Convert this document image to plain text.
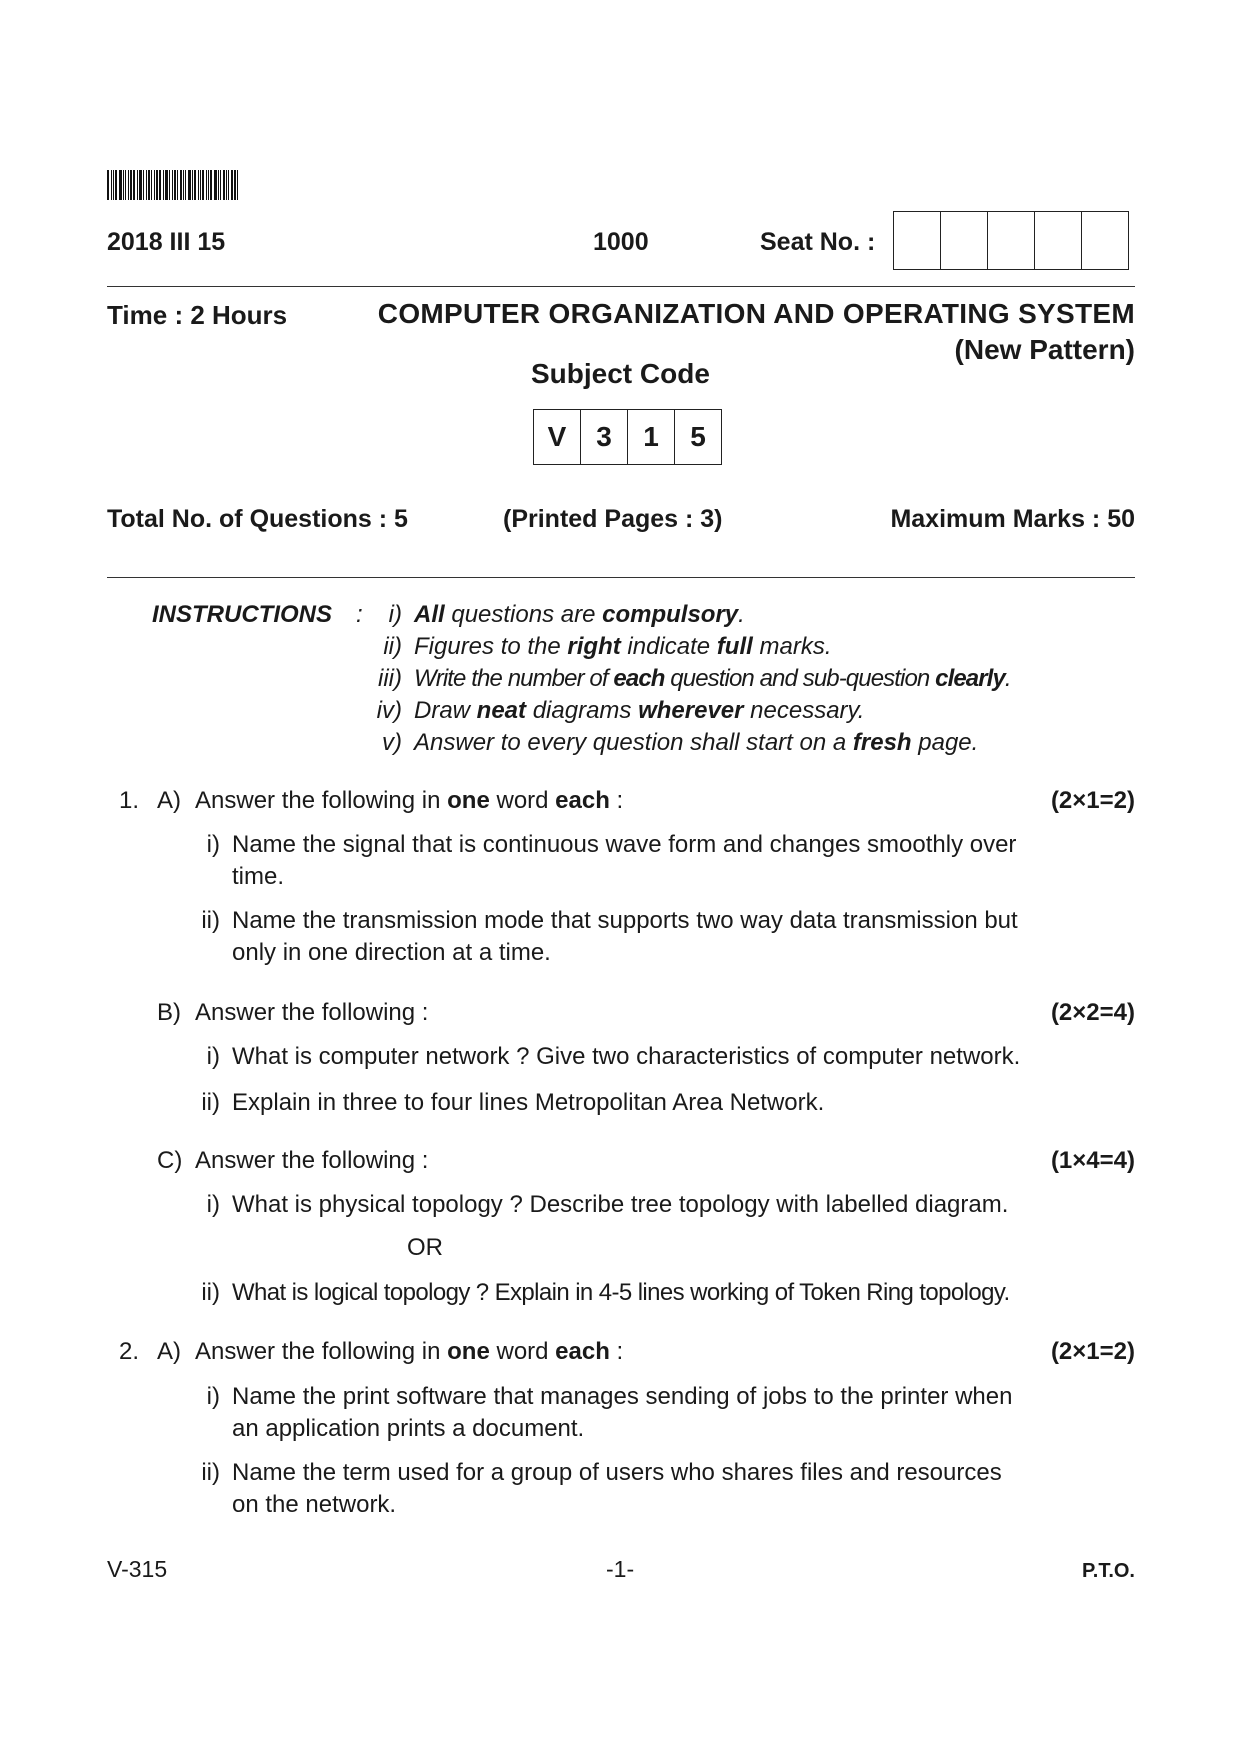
2018 III 15	1000	Seat No. :
Time : 2 Hours	COMPUTER ORGANIZATION AND OPERATING SYSTEM
(New Pattern)
Subject Code
V	3	1	5
Total No. of Questions : 5	(Printed Pages : 3)	Maximum Marks : 50
INSTRUCTIONS : i) All questions are compulsory.
ii) Figures to the right indicate full marks.
iii) Write the number of each question and sub-question clearly.
iv) Draw neat diagrams wherever necessary.
v) Answer to every question shall start on a fresh page.
1. A) Answer the following in one word each :	(2×1=2)
i) Name the signal that is continuous wave form and changes smoothly over
time.
ii) Name the transmission mode that supports two way data transmission but
only in one direction at a time.
B) Answer the following :	(2×2=4)
i) What is computer network ? Give two characteristics of computer network.
ii) Explain in three to four lines Metropolitan Area Network.
C) Answer the following :	(1×4=4)
i) What is physical topology ? Describe tree topology with labelled diagram.
OR
ii) What is logical topology ? Explain in 4-5 lines working of Token Ring topology.
2. A) Answer the following in one word each :	(2×1=2)
i) Name the print software that manages sending of jobs to the printer when
an application prints a document.
ii) Name the term used for a group of users who shares files and resources
on the network.
V-315	-1-	P.T.O.
